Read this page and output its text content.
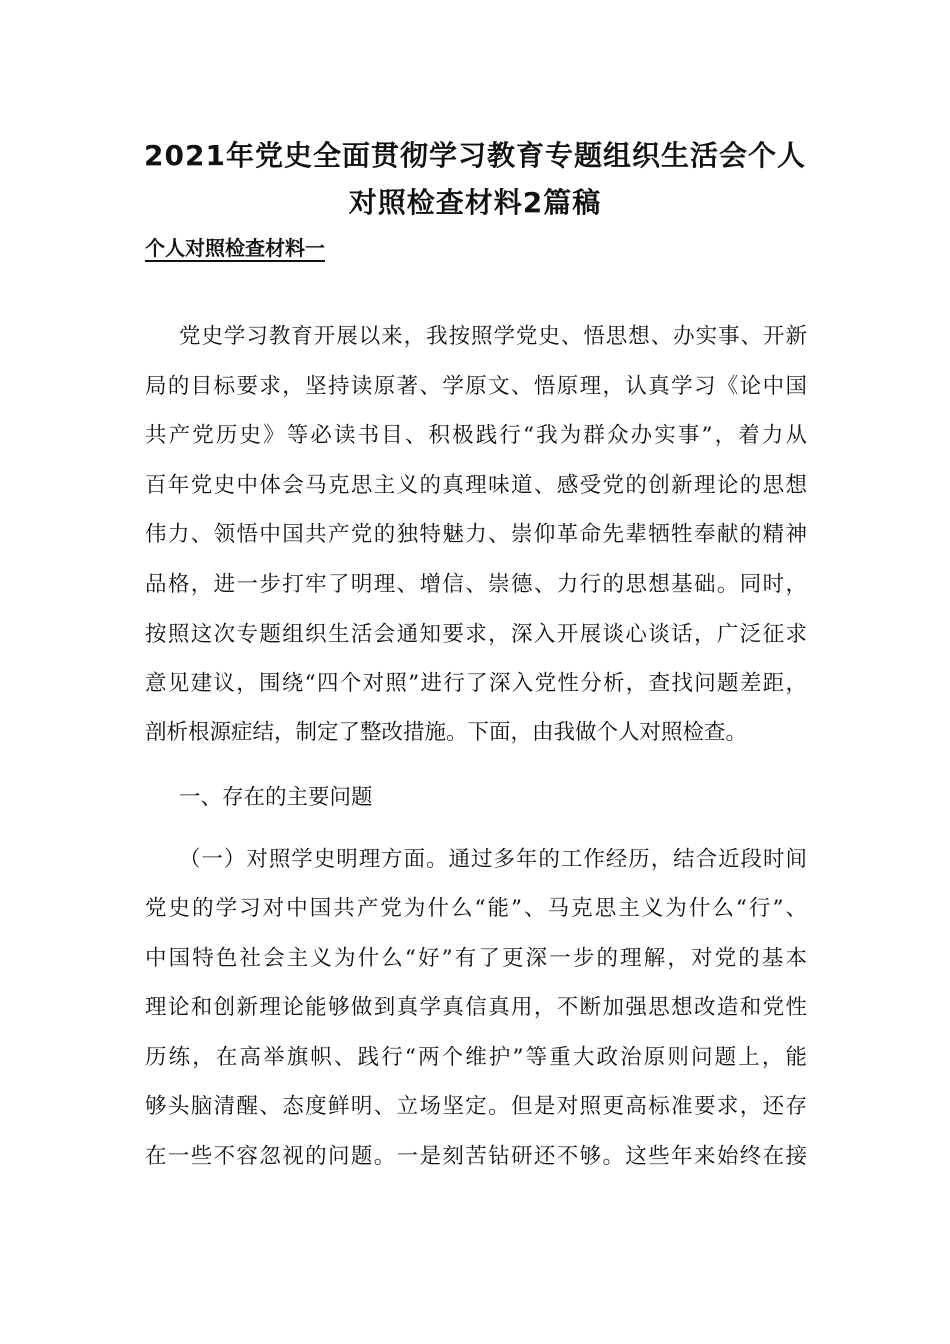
2021年党史全面贯彻学习教育专题组织生活会个人
对照检查材料2篇稿
个人对照检查材料一

党史学习教育开展以来，我按照学党史、悟思想、办实事、开新

局的目标要求，坚持读原著、学原文、悟原理，认真学习《论中国

共产党历史》等必读书目、积极践行“我为群众办实事”，着力从

百年党史中体会马克思主义的真理味道、感受党的创新理论的思想

伟力、领悟中国共产党的独特魅力、崇仰革命先辈牺牲奉献的精神

品格，进一步打牢了明理、增信、崇德、力行的思想基础。同时，

按照这次专题组织生活会通知要求，深入开展谈心谈话，广泛征求

意见建议，围绕“四个对照”进行了深入党性分析，查找问题差距，

剖析根源症结，制定了整改措施。下面，由我做个人对照检查。

一、存在的主要问题

（一）对照学史明理方面。通过多年的工作经历，结合近段时间

党史的学习对中国共产党为什么“能”、马克思主义为什么“行”、

中国特色社会主义为什么“好”有了更深一步的理解，对党的基本

理论和创新理论能够做到真学真信真用，不断加强思想改造和党性

历练，在高举旗帜、践行“两个维护”等重大政治原则问题上，能

够头脑清醒、态度鲜明、立场坚定。但是对照更高标准要求，还存

在一些不容忽视的问题。一是刻苦钻研还不够。这些年来始终在接
